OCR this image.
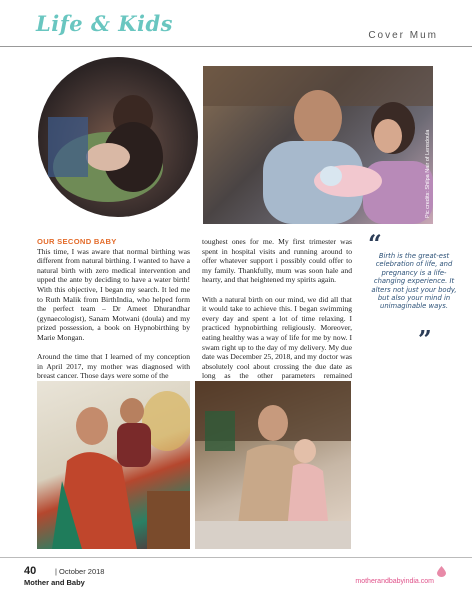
Life & Kids	Cover Mum
Pic credits: Shilpa Nair of Lensdoula
OUR SECOND BABY

This time, I was aware that normal birthing was different from natural birthing. I wanted to have a natural birth with zero medical intervention and upped the ante by deciding to have a water birth! With this objective, I began my search. It led me to Ruth Malik from BirthIndia, who helped form the perfect team – Dr Ameet Dhurandhar (gynaecologist), Sanam Motwani (doula) and my prized possession, a book on Hypnobirthing by Marie Mongan.

Around the time that I learned of my conception in April 2017, my mother was diagnosed with breast cancer. Those days were some of the

toughest ones for me. My first trimester was spent in hospital visits and running around to offer whatever support i possibly could offer to my family. Thankfully, mum was soon hale and hearty, and that heightened my spirits again.

With a natural birth on our mind, we did all that it would take to achieve this. I began swimming every day and spent a lot of time relaxing. I practiced hypnobirthing religiously. Moreover, eating healthy was a way of life for me by now. I swam right up to the day of my delivery. My due date was December 25, 2018, and my doctor was absolutely cool about crossing the due date as long as the other parameters remained

“
Birth is the great-est celebration of life, and pregnancy is a life-changing experience. It alters not just your body, but also your mind in unimaginable ways.
”
40	| October 2018
Mother and Baby	motherandbabyindia.com
